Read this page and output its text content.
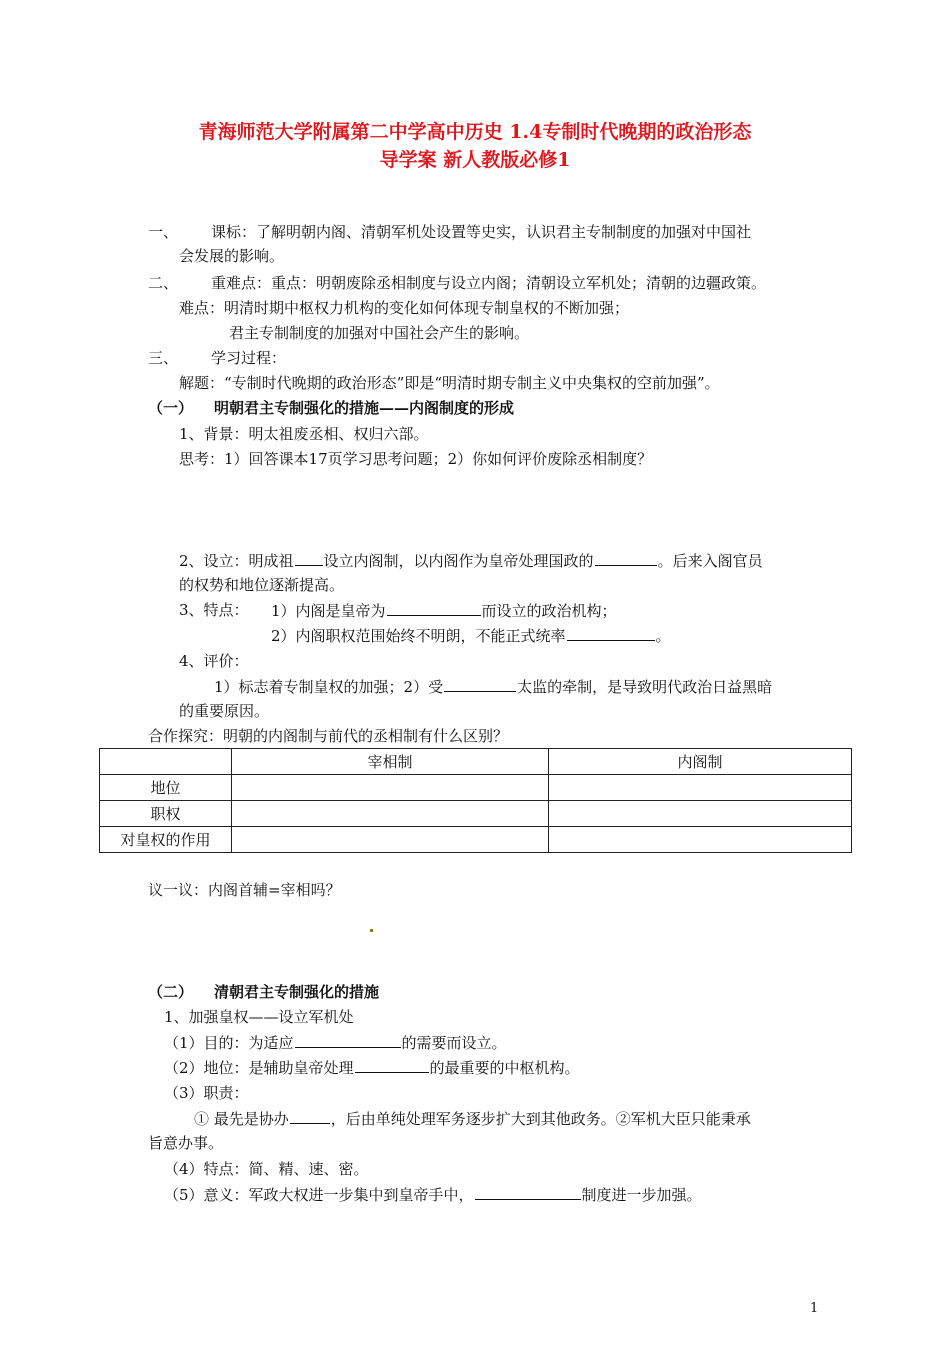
青海师范大学附属第二中学高中历史 1.4专制时代晚期的政治形态
导学案 新人教版必修1
一、 课标：了解明朝内阁、清朝军机处设置等史实，认识君主专制制度的加强对中国社
会发展的影响。
二、 重难点：重点：明朝废除丞相制度与设立内阁；清朝设立军机处；清朝的边疆政策。
难点：明清时期中枢权力机构的变化如何体现专制皇权的不断加强；
君主专制制度的加强对中国社会产生的影响。
三、 学习过程：
解题：“专制时代晚期的政治形态”即是“明清时期专制主义中央集权的空前加强”。
（一） 明朝君主专制强化的措施——内阁制度的形成
1、背景：明太祖废丞相、权归六部。
思考：1）回答课本17页学习思考问题；2）你如何评价废除丞相制度？
2、设立：明成祖 设立内阁制，以内阁作为皇帝处理国政的	。后来入阁官员
的权势和地位逐渐提高。
3、特点： 1）内阁是皇帝为	而设立的政治机构；
2）内阁职权范围始终不明朗，不能正式统率	。
4、评价：
1）标志着专制皇权的加强；2）受	太监的牵制，是导致明代政治日益黑暗
的重要原因。
合作探究：明朝的内阁制与前代的丞相制有什么区别？
	宰相制	内阁制
地位		
职权		
对皇权的作用		
议一议：内阁首辅=宰相吗？
（二） 清朝君主专制强化的措施
1、加强皇权——设立军机处
（1）目的：为适应	的需要而设立。
（2）地位：是辅助皇帝处理	的最重要的中枢机构。
（3）职责：
① 最先是协办	，后由单纯处理军务逐步扩大到其他政务。②军机大臣只能秉承
旨意办事。
（4）特点：简、精、速、密。
（5）意义：军政大权进一步集中到皇帝手中，	制度进一步加强。
1
